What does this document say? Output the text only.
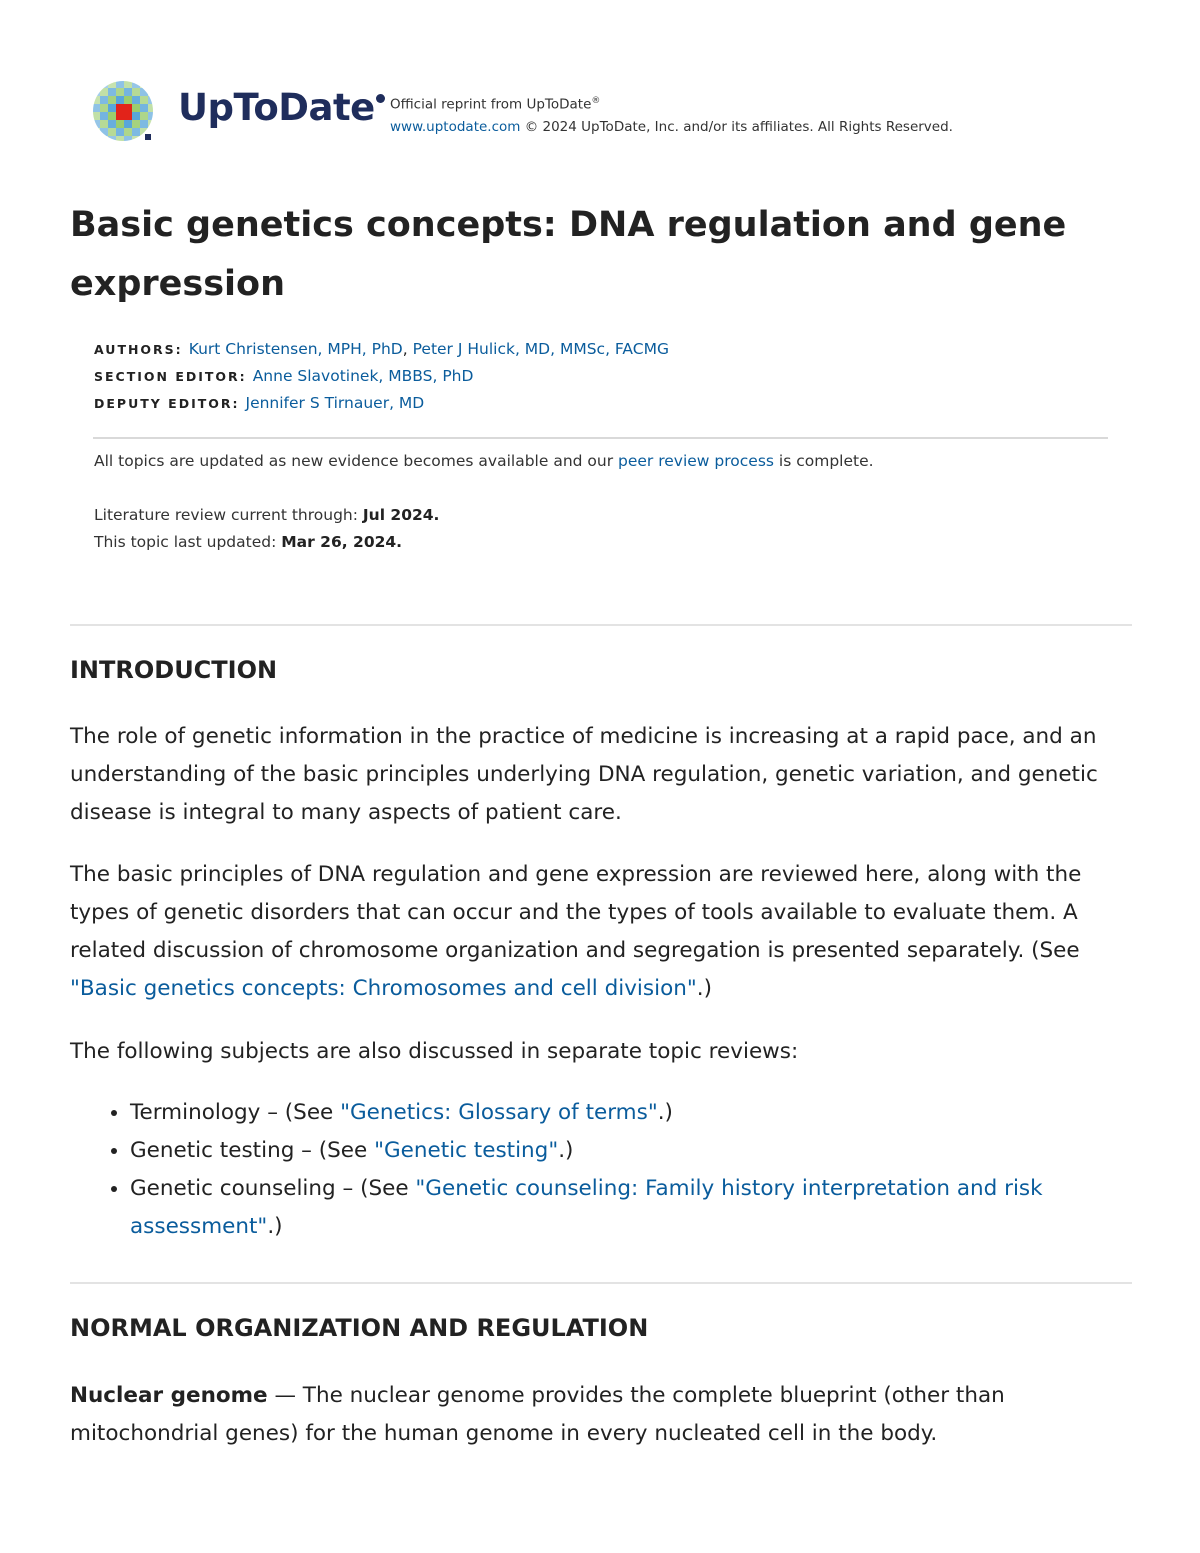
UpToDate	Official reprint from UpToDate®
www.uptodate.com © 2024 UpToDate, Inc. and/or its affiliates. All Rights Reserved.
Basic genetics concepts: DNA regulation and gene expression
AUTHORS: Kurt Christensen, MPH, PhD, Peter J Hulick, MD, MMSc, FACMG
SECTION EDITOR: Anne Slavotinek, MBBS, PhD
DEPUTY EDITOR: Jennifer S Tirnauer, MD
All topics are updated as new evidence becomes available and our peer review process is complete.
Literature review current through: Jul 2024.
This topic last updated: Mar 26, 2024.
INTRODUCTION

The role of genetic information in the practice of medicine is increasing at a rapid pace, and an understanding of the basic principles underlying DNA regulation, genetic variation, and genetic disease is integral to many aspects of patient care.

The basic principles of DNA regulation and gene expression are reviewed here, along with the types of genetic disorders that can occur and the types of tools available to evaluate them. A related discussion of chromosome organization and segregation is presented separately. (See "Basic genetics concepts: Chromosomes and cell division".)

The following subjects are also discussed in separate topic reviews:

• Terminology – (See "Genetics: Glossary of terms".)
• Genetic testing – (See "Genetic testing".)
• Genetic counseling – (See "Genetic counseling: Family history interpretation and risk assessment".)
NORMAL ORGANIZATION AND REGULATION

Nuclear genome — The nuclear genome provides the complete blueprint (other than mitochondrial genes) for the human genome in every nucleated cell in the body.
